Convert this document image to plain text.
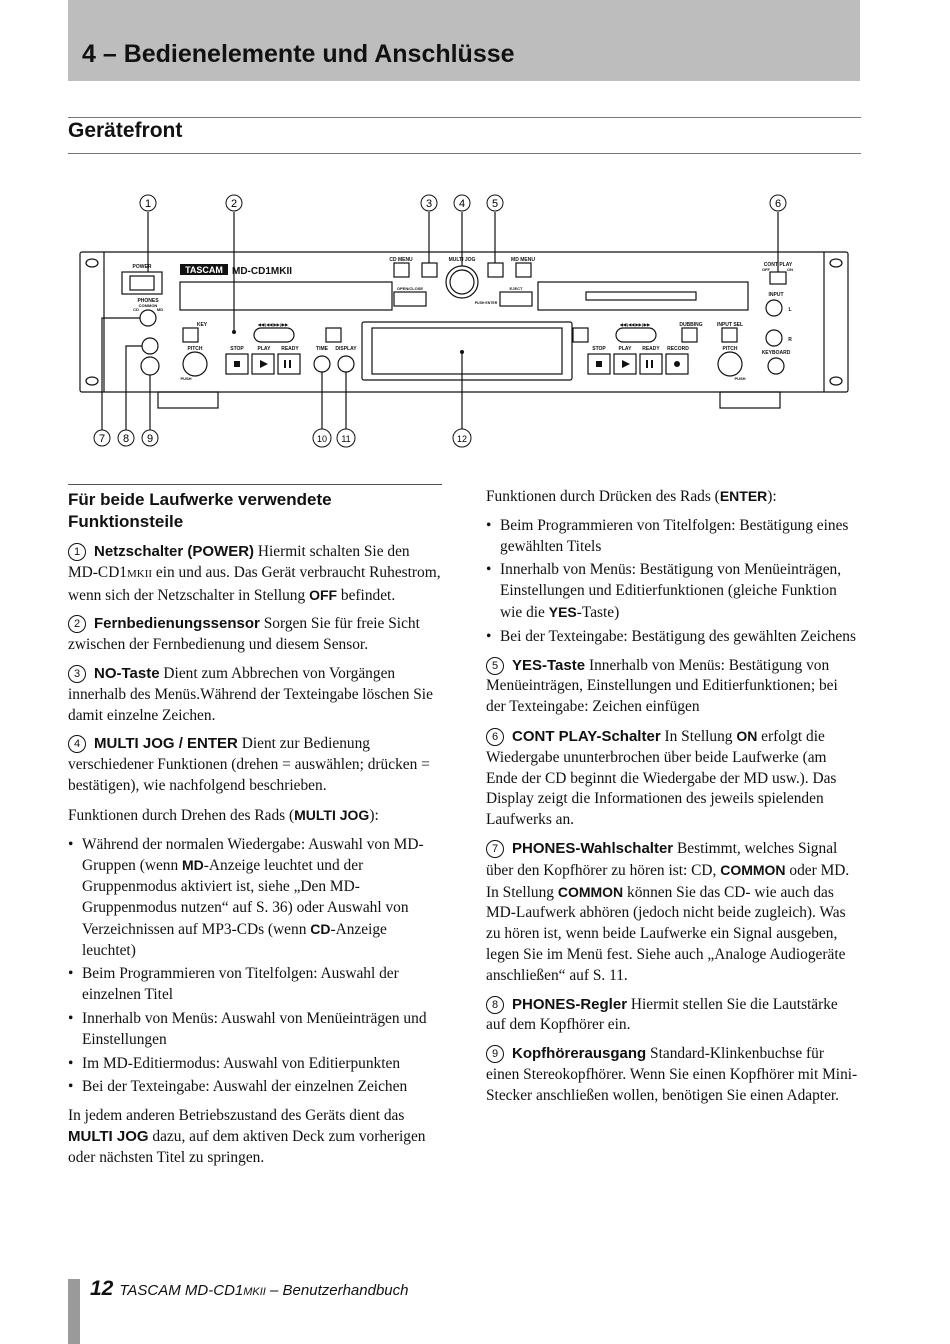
4 – Bedienelemente und Anschlüsse
Gerätefront
1	2	3 4 5	6
7 8 9	10 11	12
POWER	TASCAM MD-CD1MKII
PHONES
COMMON
CD	MD
CD MENU	MULTI JOG	MD MENU
OPEN/CLOSE	EJECT
PUSH ENTER
CONT PLAY
OFF	ON
INPUT
L
R
KEYBOARD
KEY
PITCH
◀◀/|◀◀ ▶▶|/▶▶
STOP	PLAY READY	TIME DISPLAY
DUBBING	INPUT SEL
◀◀/|◀◀ ▶▶|/▶▶
STOP	PLAY READY RECORD	PITCH
PUSH	PUSH
Für beide Laufwerke verwendete Funktionsteile

1 Netzschalter (POWER) Hiermit schalten Sie den MD-CD1MKII ein und aus. Das Gerät verbraucht Ruhestrom, wenn sich der Netzschalter in Stellung OFF befindet.

2 Fernbedienungssensor Sorgen Sie für freie Sicht zwischen der Fernbedienung und diesem Sensor.

3 NO-Taste Dient zum Abbrechen von Vorgängen innerhalb des Menüs.Während der Texteingabe löschen Sie damit einzelne Zeichen.

4 MULTI JOG / ENTER Dient zur Bedienung verschiedener Funktionen (drehen = auswählen; drücken = bestätigen), wie nachfolgend beschrieben.

Funktionen durch Drehen des Rads (MULTI JOG):

• Während der normalen Wiedergabe: Auswahl von MD-Gruppen (wenn MD-Anzeige leuchtet und der Gruppenmodus aktiviert ist, siehe „Den MD-Gruppenmodus nutzen“ auf S. 36) oder Auswahl von Verzeichnissen auf MP3-CDs (wenn CD-Anzeige leuchtet)
• Beim Programmieren von Titelfolgen: Auswahl der einzelnen Titel
• Innerhalb von Menüs: Auswahl von Menüeinträgen und Einstellungen
• Im MD-Editiermodus: Auswahl von Editierpunkten
• Bei der Texteingabe: Auswahl der einzelnen Zeichen

In jedem anderen Betriebszustand des Geräts dient das MULTI JOG dazu, auf dem aktiven Deck zum vorherigen oder nächsten Titel zu springen.

Funktionen durch Drücken des Rads (ENTER):

• Beim Programmieren von Titelfolgen: Bestätigung eines gewählten Titels
• Innerhalb von Menüs: Bestätigung von Menüeinträgen, Einstellungen und Editierfunktionen (gleiche Funktion wie die YES-Taste)
• Bei der Texteingabe: Bestätigung des gewählten Zeichens

5 YES-Taste Innerhalb von Menüs: Bestätigung von Menüeinträgen, Einstellungen und Editierfunktionen; bei der Texteingabe: Zeichen einfügen

6 CONT PLAY-Schalter In Stellung ON erfolgt die Wiedergabe ununterbrochen über beide Laufwerke (am Ende der CD beginnt die Wiedergabe der MD usw.). Das Display zeigt die Informationen des jeweils spielenden Laufwerks an.

7 PHONES-Wahlschalter Bestimmt, welches Signal über den Kopfhörer zu hören ist: CD, COMMON oder MD. In Stellung COMMON können Sie das CD- wie auch das MD-Laufwerk abhören (jedoch nicht beide zugleich). Was zu hören ist, wenn beide Laufwerke ein Signal ausgeben, legen Sie im Menü fest. Siehe auch „Analoge Audiogeräte anschließen“ auf S. 11.

8 PHONES-Regler Hiermit stellen Sie die Lautstärke auf dem Kopfhörer ein.

9 Kopfhörerausgang Standard-Klinkenbuchse für einen Stereokopfhörer. Wenn Sie einen Kopfhörer mit Mini-Stecker anschließen wollen, benötigen Sie einen Adapter.

12 TASCAM MD-CD1MKII – Benutzerhandbuch
